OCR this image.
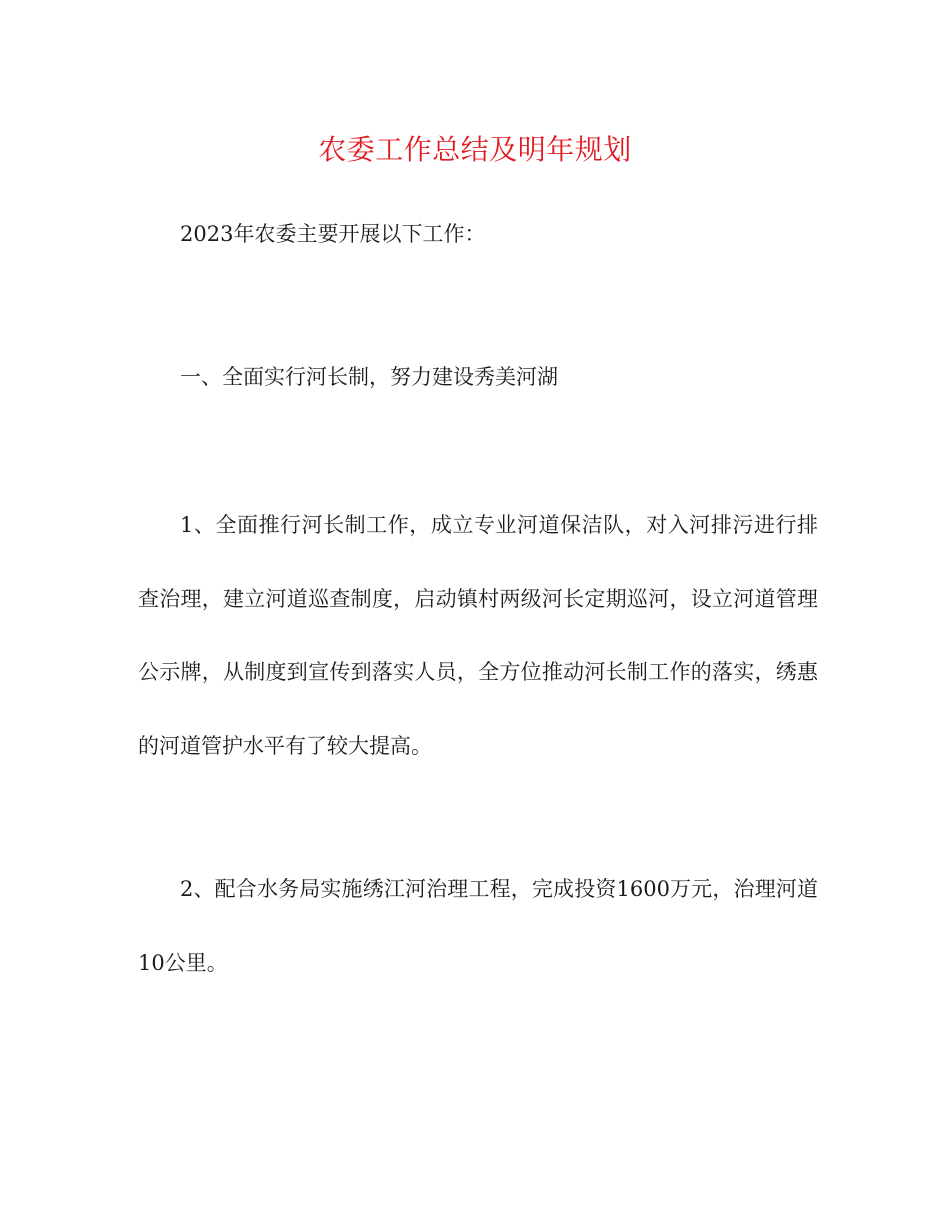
农委工作总结及明年规划

2023年农委主要开展以下工作：

一、全面实行河长制，努力建设秀美河湖

1、全面推行河长制工作，成立专业河道保洁队，对入河排污进行排查治理，建立河道巡查制度，启动镇村两级河长定期巡河，设立河道管理公示牌，从制度到宣传到落实人员，全方位推动河长制工作的落实，绣惠的河道管护水平有了较大提高。

2、配合水务局实施绣江河治理工程，完成投资1600万元，治理河道10公里。
